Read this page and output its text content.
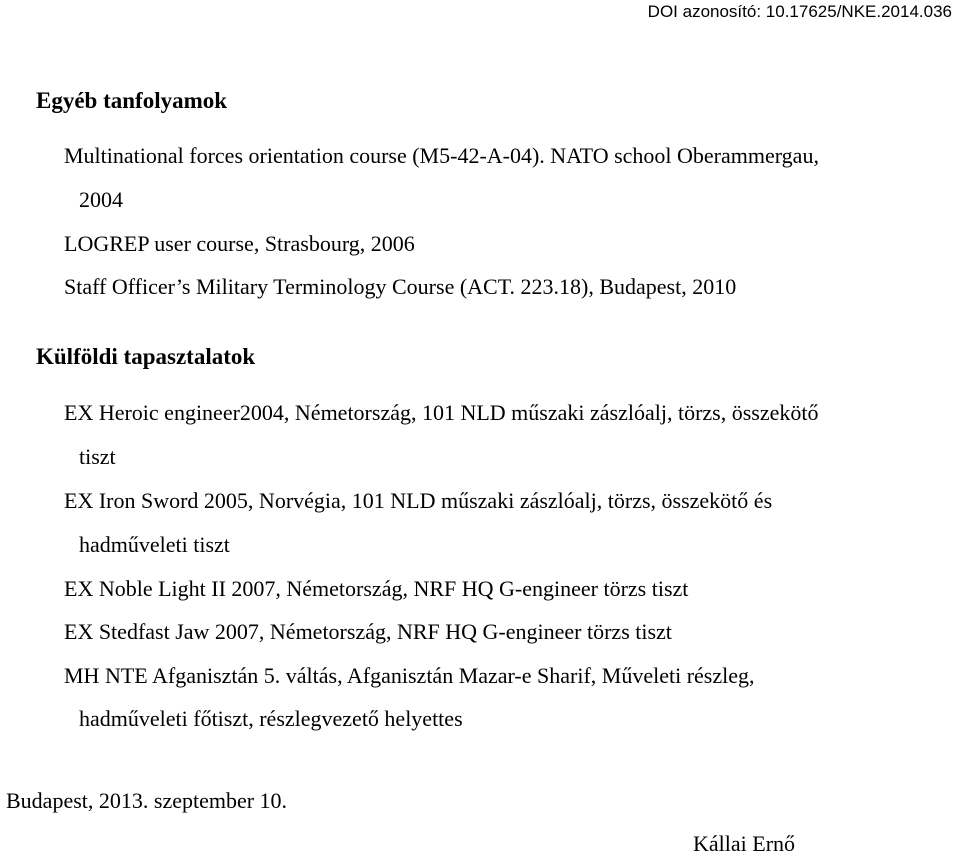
DOI azonosító: 10.17625/NKE.2014.036
Egyéb tanfolyamok
Multinational forces orientation course (M5-42-A-04). NATO school Oberammergau,
2004
LOGREP user course, Strasbourg, 2006
Staff Officer’s Military Terminology Course (ACT. 223.18), Budapest, 2010
Külföldi tapasztalatok
EX Heroic engineer2004, Németország, 101 NLD műszaki zászlóalj, törzs, összekötő
tiszt
EX Iron Sword 2005, Norvégia, 101 NLD műszaki zászlóalj, törzs, összekötő és
hadműveleti tiszt
EX Noble Light II 2007, Németország, NRF HQ G-engineer törzs tiszt
EX Stedfast Jaw 2007, Németország, NRF HQ G-engineer törzs tiszt
MH NTE Afganisztán 5. váltás, Afganisztán Mazar-e Sharif, Műveleti részleg,
hadműveleti főtiszt, részlegvezető helyettes
Budapest, 2013. szeptember 10.
Kállai Ernő
